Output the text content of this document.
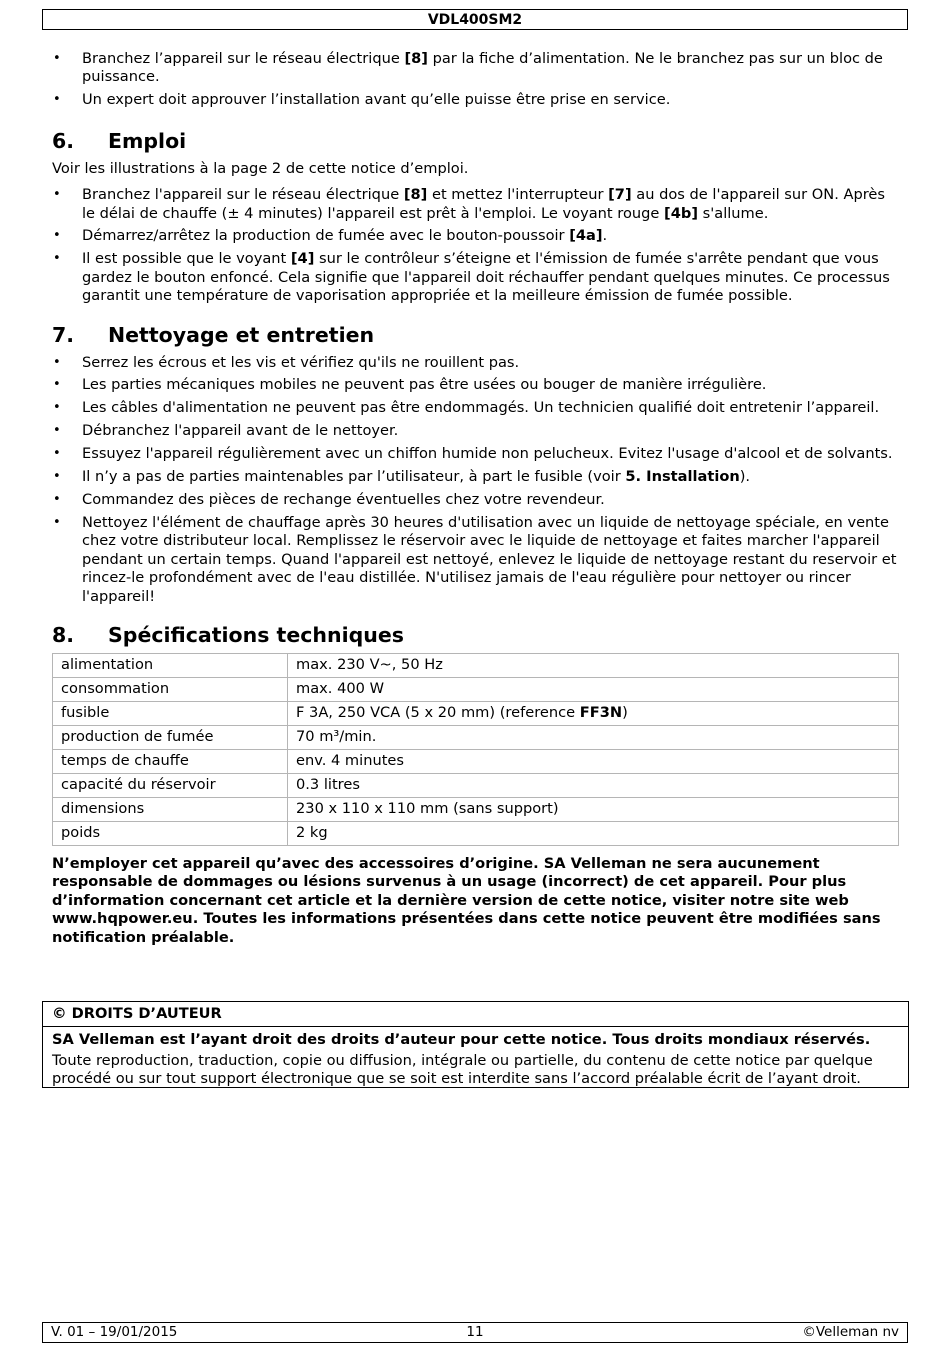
VDL400SM2
• Branchez l’appareil sur le réseau électrique [8] par la fiche d’alimentation. Ne le branchez pas sur un bloc de puissance.
• Un expert doit approuver l’installation avant qu’elle puisse être prise en service.
6. Emploi

Voir les illustrations à la page 2 de cette notice d’emploi.

• Branchez l'appareil sur le réseau électrique [8] et mettez l'interrupteur [7] au dos de l'appareil sur ON. Après le délai de chauffe (± 4 minutes) l'appareil est prêt à l'emploi. Le voyant rouge [4b] s'allume.
• Démarrez/arrêtez la production de fumée avec le bouton-poussoir [4a].
• Il est possible que le voyant [4] sur le contrôleur s’éteigne et l'émission de fumée s'arrête pendant que vous gardez le bouton enfoncé. Cela signifie que l'appareil doit réchauffer pendant quelques minutes. Ce processus garantit une température de vaporisation appropriée et la meilleure émission de fumée possible.
7. Nettoyage et entretien
• Serrez les écrous et les vis et vérifiez qu'ils ne rouillent pas.
• Les parties mécaniques mobiles ne peuvent pas être usées ou bouger de manière irrégulière.
• Les câbles d'alimentation ne peuvent pas être endommagés. Un technicien qualifié doit entretenir l’appareil.
• Débranchez l'appareil avant de le nettoyer.
• Essuyez l'appareil régulièrement avec un chiffon humide non pelucheux. Evitez l'usage d'alcool et de solvants.
• Il n’y a pas de parties maintenables par l’utilisateur, à part le fusible (voir 5. Installation).
• Commandez des pièces de rechange éventuelles chez votre revendeur.
• Nettoyez l'élément de chauffage après 30 heures d'utilisation avec un liquide de nettoyage spéciale, en vente chez votre distributeur local. Remplissez le réservoir avec le liquide de nettoyage et faites marcher l'appareil pendant un certain temps. Quand l'appareil est nettoyé, enlevez le liquide de nettoyage restant du reservoir et rincez-le profondément avec de l'eau distillée. N'utilisez jamais de l'eau régulière pour nettoyer ou rincer l'appareil!
8. Spécifications techniques
alimentation	max. 230 V~, 50 Hz
consommation	max. 400 W
fusible	F 3A, 250 VCA (5 x 20 mm) (reference FF3N)
production de fumée	70 m³/min.
temps de chauffe	env. 4 minutes
capacité du réservoir	0.3 litres
dimensions	230 x 110 x 110 mm (sans support)
poids	2 kg

N’employer cet appareil qu’avec des accessoires d’origine. SA Velleman ne sera aucunement responsable de dommages ou lésions survenus à un usage (incorrect) de cet appareil. Pour plus d’information concernant cet article et la dernière version de cette notice, visiter notre site web www.hqpower.eu. Toutes les informations présentées dans cette notice peuvent être modifiées sans notification préalable.

© DROITS D’AUTEUR
SA Velleman est l’ayant droit des droits d’auteur pour cette notice. Tous droits mondiaux réservés.
Toute reproduction, traduction, copie ou diffusion, intégrale ou partielle, du contenu de cette notice par quelque procédé ou sur tout support électronique que se soit est interdite sans l’accord préalable écrit de l’ayant droit.
V. 01 – 19/01/2015	11	©Velleman nv
